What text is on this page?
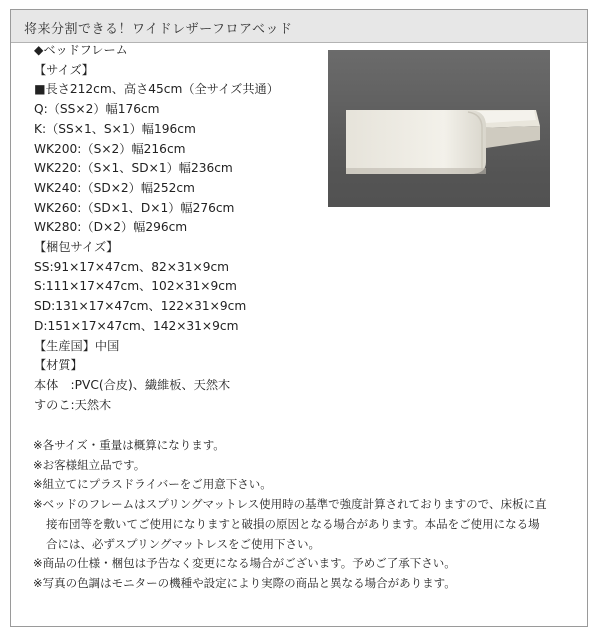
将来分割できる！ワイドレザーフロアベッド
◆ベッドフレーム
【サイズ】
■長さ212cm、高さ45cm（全サイズ共通）
Q:（SS×2）幅176cm
K:（SS×1、S×1）幅196cm
WK200:（S×2）幅216cm
WK220:（S×1、SD×1）幅236cm
WK240:（SD×2）幅252cm
WK260:（SD×1、D×1）幅276cm
WK280:（D×2）幅296cm
【梱包サイズ】
SS:91×17×47cm、82×31×9cm
S:111×17×47cm、102×31×9cm
SD:131×17×47cm、122×31×9cm
D:151×17×47cm、142×31×9cm
【生産国】中国
【材質】
本体　:PVC(合皮)、繊維板、天然木
すのこ:天然木
※各サイズ・重量は概算になります。
※お客様組立品です。
※組立てにプラスドライバーをご用意下さい。
※ベッドのフレームはスプリングマットレス使用時の基準で強度計算されておりますので、床板に直
接布団等を敷いてご使用になりますと破損の原因となる場合があります。本品をご使用になる場
合には、必ずスプリングマットレスをご使用下さい。
※商品の仕様・梱包は予告なく変更になる場合がございます。予めご了承下さい。
※写真の色調はモニターの機種や設定により実際の商品と異なる場合があります。
